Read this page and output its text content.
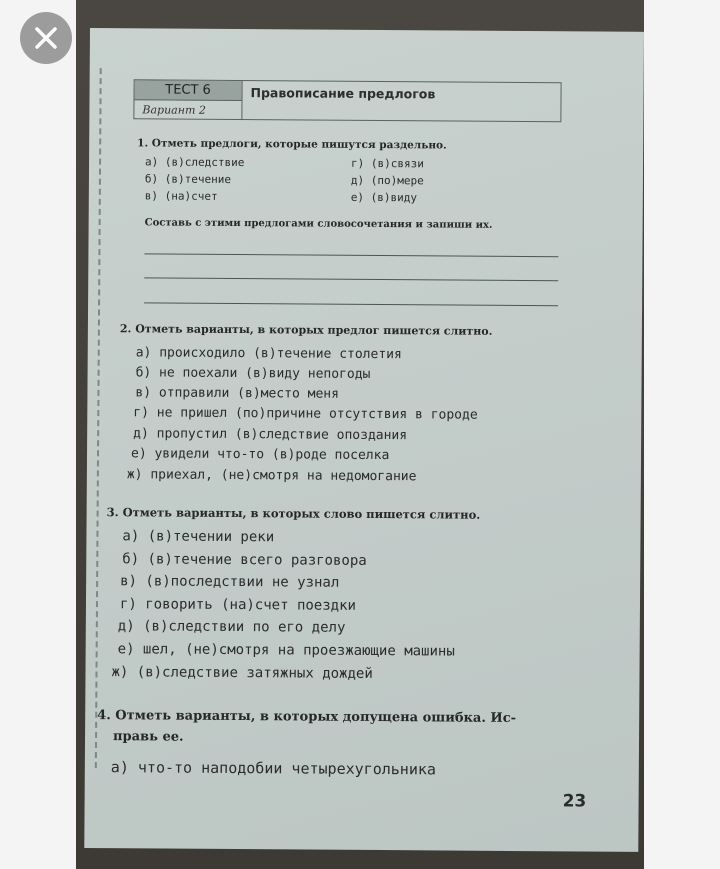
ТЕСТ 6
Вариант 2
Правописание предлогов
1. Отметь предлоги, которые пишутся раздельно.
а) (в)следствие
б) (в)течение
в) (на)счет
г) (в)связи
д) (по)мере
е) (в)виду
Составь с этими предлогами словосочетания и запиши их.
2. Отметь варианты, в которых предлог пишется слитно.
а) происходило (в)течение столетия
б) не поехали (в)виду непогоды
в) отправили (в)место меня
г) не пришел (по)причине отсутствия в городе
д) пропустил (в)следствие опоздания
е) увидели что-то (в)роде поселка
ж) приехал, (не)смотря на недомогание
3. Отметь варианты, в которых слово пишется слитно.
а) (в)течении реки
б) (в)течение всего разговора
в) (в)последствии не узнал
г) говорить (на)счет поездки
д) (в)следствии по его делу
е) шел, (не)смотря на проезжающие машины
ж) (в)следствие затяжных дождей
4. Отметь варианты, в которых допущена ошибка. Ис-
правь ее.
а) что-то наподобии четырехугольника
23
